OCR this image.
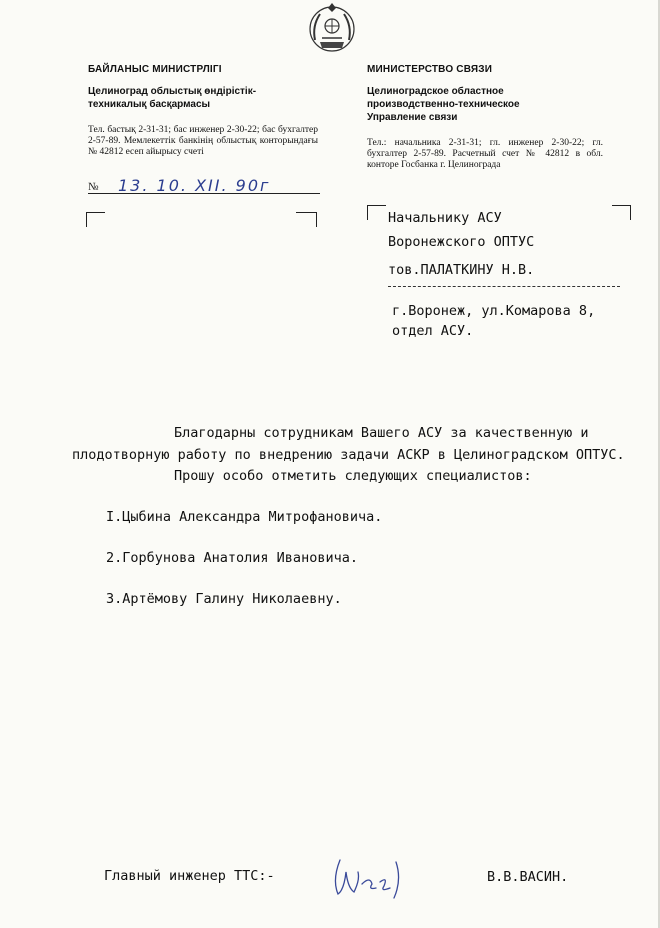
БАЙЛАНЫС МИНИСТРЛІГІ
Целиноград облыстық өндірістік-
техникалық басқармасы
Тел. бастық 2-31-31; бас инженер 2-30-22; бас бухгалтер 2-57-89. Мемлекеттік банкінің облыстық конторындағы № 42812 есеп айырысу счеті
МИНИСТЕРСТВО СВЯЗИ
Целиноградское областное
производственно-техническое
Управление связи
Тел.: начальника 2-31-31; гл. инженер 2-30-22; гл. бухгалтер 2-57-89. Расчетный счет № 42812 в обл. конторе Госбанка г. Целинограда
№ 13. 10. XII. 90г
Начальнику АСУ
Воронежского ОПТУС
тов.ПАЛАТКИНУ Н.В.
г.Воронеж, ул.Комарова 8,
отдел АСУ.
Благодарны сотрудникам Вашего АСУ за качественную и
плодотворную работу по внедрению задачи АСКР в Целиноградском ОПТУС.
Прошу особо отметить следующих специалистов:
I.Цыбина Александра Митрофановича.
2.Горбунова Анатолия Ивановича.
3.Артёмову Галину Николаевну.
Главный инженер ТТС:-	В.В.ВАСИН.
